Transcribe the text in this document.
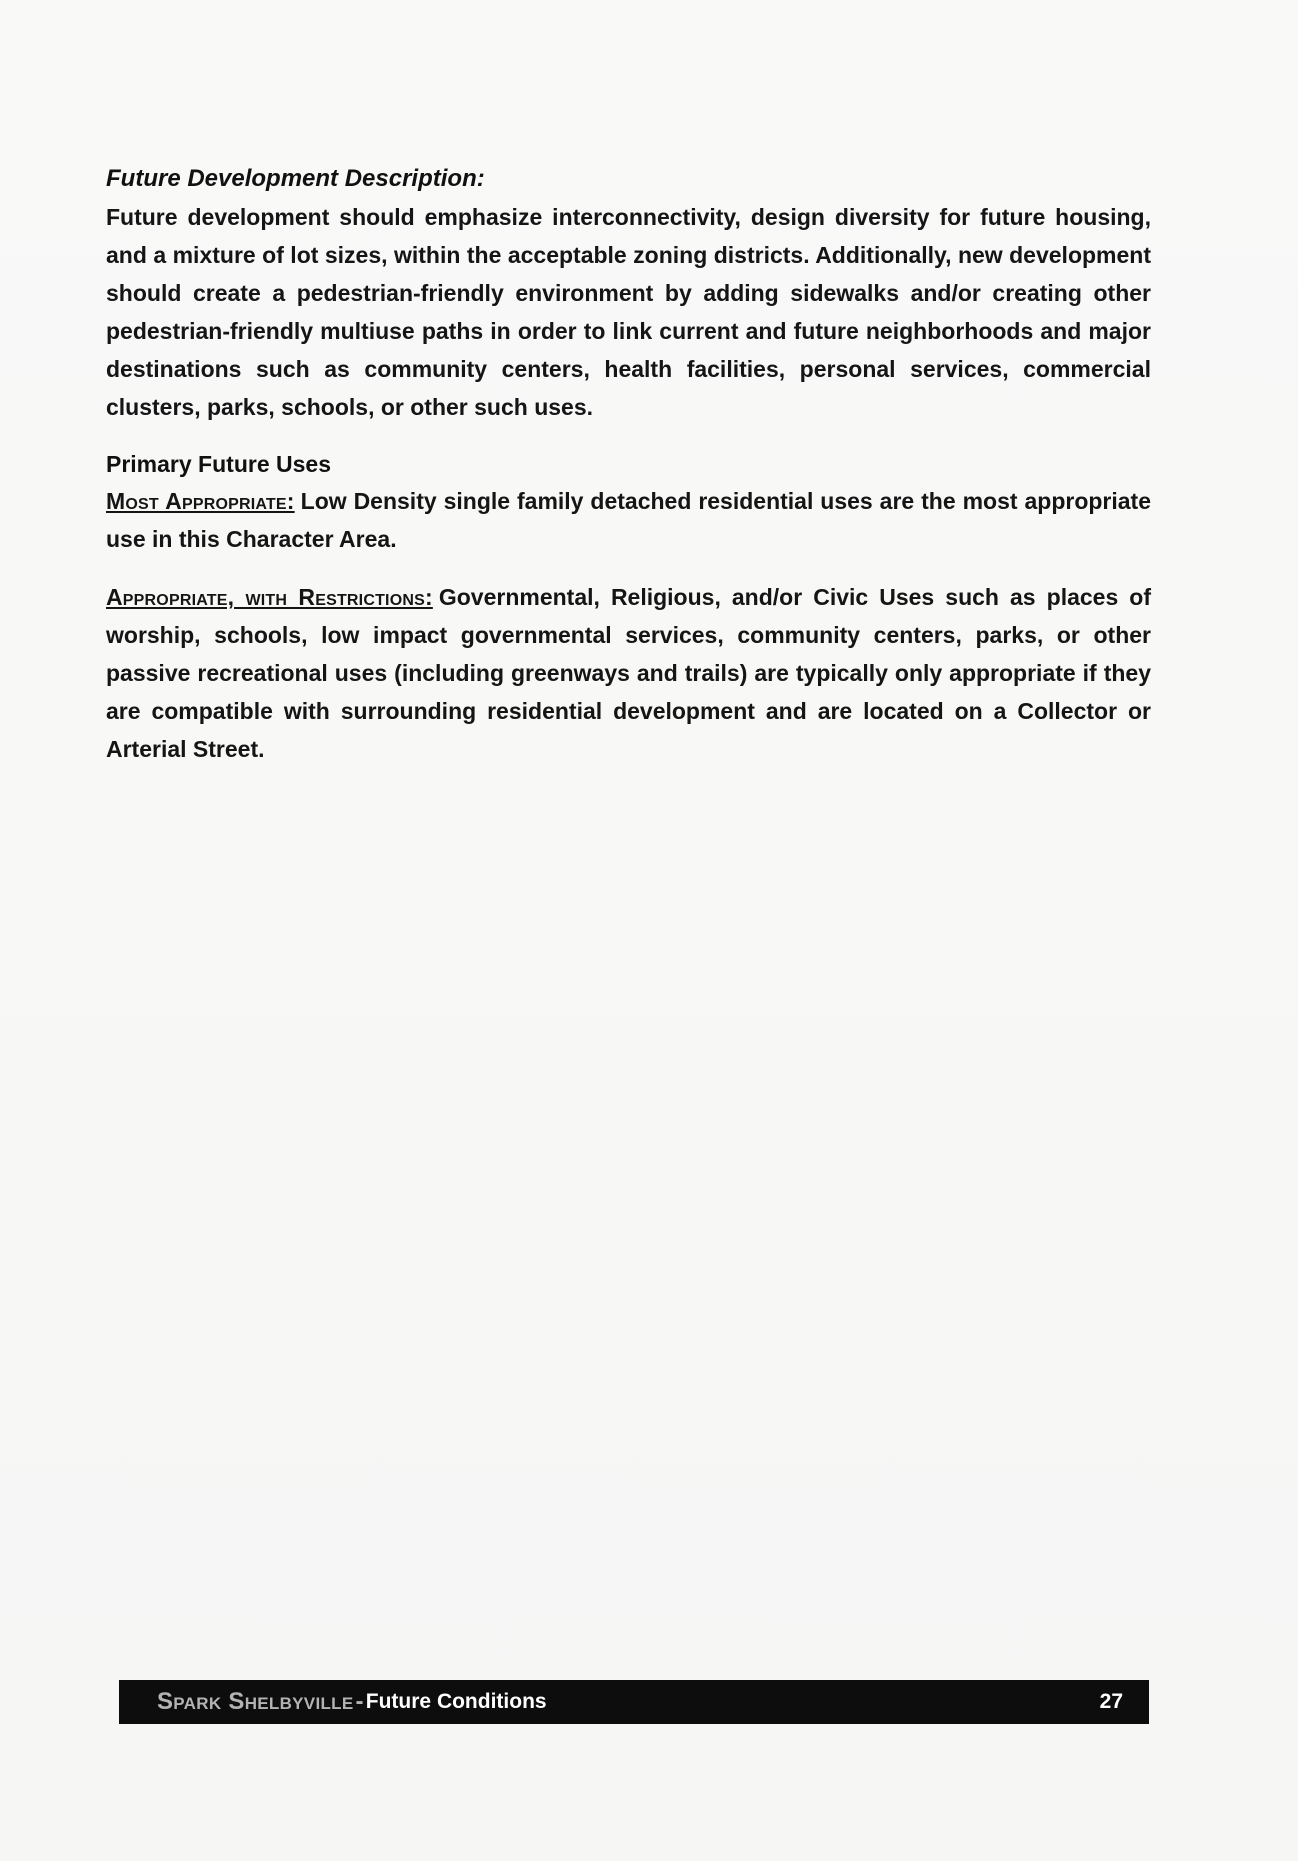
Future Development Description:

Future development should emphasize interconnectivity, design diversity for future housing, and a mixture of lot sizes, within the acceptable zoning districts. Additionally, new development should create a pedestrian-friendly environment by adding sidewalks and/or creating other pedestrian-friendly multiuse paths in order to link current and future neighborhoods and major destinations such as community centers, health facilities, personal services, commercial clusters, parks, schools, or other such uses.

Primary Future Uses

Most Appropriate: Low Density single family detached residential uses are the most appropriate use in this Character Area.

Appropriate, with Restrictions: Governmental, Religious, and/or Civic Uses such as places of worship, schools, low impact governmental services, community centers, parks, or other passive recreational uses (including greenways and trails) are typically only appropriate if they are compatible with surrounding residential development and are located on a Collector or Arterial Street.

Spark Shelbyville - Future Conditions	27
